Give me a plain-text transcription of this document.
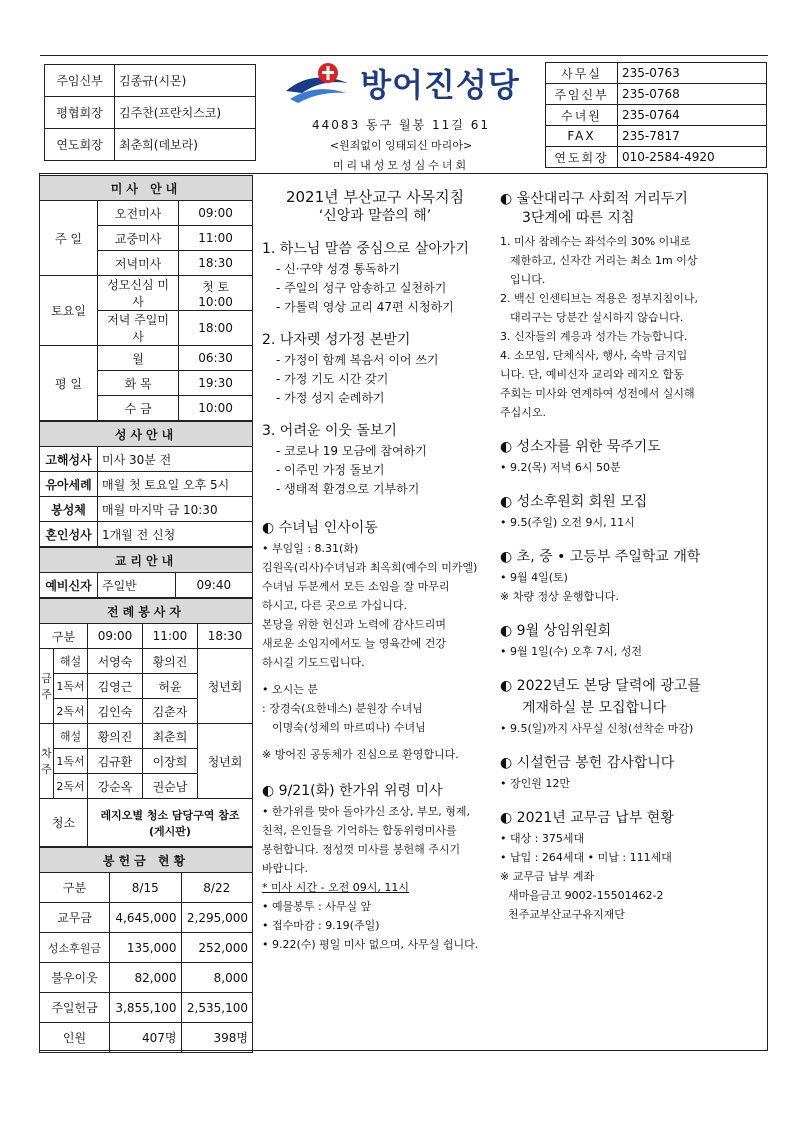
주임신부	김종규(시몬)
평협회장	김주찬(프란치스코)
연도회장	최춘희(데보라)
방어진성당
44083 동구 월봉 11길 61
<원죄없이 잉태되신 마리아>
미리내성모성심수녀회
사무실	235-0763
주임신부	235-0768
수녀원	235-0764
FAX	235-7817
연도회장	010-2584-4920
미사 안내		
주 일	오전미사	09:00
	교중미사	11:00
	저녁미사	18:30
토요일	성모신심 미사	첫 토 10:00
	저녁 주일미사	18:00
평 일	월	06:30
	화 목	19:30
	수 금	10:00
성사안내	
고해성사	미사 30분 전
유아세례	매월 첫 토요일 오후 5시
봉성체	매월 마지막 금 10:30
혼인성사	1개월 전 신청
교리안내
예비신자	주일반	09:40
전례봉사자				
구분		09:00	11:00	18:30
금주	해설	서영숙	황의진	청년회
	1독서	김영근	허윤	
	2독서	김인숙	김춘자	
차주	해설	황의진	최춘희	청년회
	1독서	김규환	이장희	
	2독서	강순옥	권순남	
청소		레지오별 청소 담당구역 참조 (게시판)		
봉헌금 현황		
구분	8/15	8/22
교무금	4,645,000	2,295,000
성소후원금	135,000	252,000
불우이웃	82,000	8,000
주일헌금	3,855,100	2,535,100
인원	407명	398명
2021년 부산교구 사목지침
‘신앙과 말씀의 해’
1. 하느님 말씀 중심으로 살아가기
- 신·구약 성경 통독하기
- 주일의 성구 암송하고 실천하기
- 가톨릭 영상 교리 47편 시청하기
2. 나자렛 성가정 본받기
- 가정이 함께 복음서 이어 쓰기
- 가정 기도 시간 갖기
- 가정 성지 순례하기
3. 어려운 이웃 돌보기
- 코로나 19 모금에 참여하기
- 이주민 가정 돌보기
- 생태적 환경으로 기부하기
◐ 수녀님 인사이동
• 부임일 : 8.31(화)
김원옥(리사)수녀님과 최옥희(예수의 미카엘)
수녀님 두분께서 모든 소임을 잘 마무리
하시고, 다른 곳으로 가십니다.
본당을 위한 헌신과 노력에 감사드리며
새로운 소임지에서도 늘 영육간에 건강
하시길 기도드립니다.
• 오시는 분
: 장경숙(요한네스) 분원장 수녀님
이명숙(성체의 마르띠나) 수녀님
※ 방어진 공동체가 진심으로 환영합니다.
◐ 9/21(화) 한가위 위령 미사
• 한가위를 맞아 돌아가신 조상, 부모, 형제,
친척, 은인들을 기억하는 합동위령미사를
봉헌합니다. 정성껏 미사를 봉헌해 주시기
바랍니다.
* 미사 시간 - 오전 09시, 11시
• 예물봉투 : 사무실 앞
• 접수마감 : 9.19(주일)
• 9.22(수) 평일 미사 없으며, 사무실 쉽니다.
◐ 울산대리구 사회적 거리두기
3단계에 따른 지침
1. 미사 참례수는 좌석수의 30% 이내로
제한하고, 신자간 거리는 최소 1m 이상
입니다.
2. 백신 인센티브는 적용은 정부지침이나,
대리구는 당분간 실시하지 않습니다.
3. 신자들의 계응과 성가는 가능합니다.
4. 소모임, 단체식사, 행사, 숙박 금지입
니다. 단, 예비신자 교리와 레지오 합동
주회는 미사와 연계하여 성전에서 실시해
주십시오.
◐ 성소자를 위한 묵주기도
• 9.2(목) 저녁 6시 50분
◐ 성소후원회 회원 모집
• 9.5(주일) 오전 9시, 11시
◐ 초, 중 • 고등부 주일학교 개학
• 9월 4일(토)
※ 차량 정상 운행합니다.
◐ 9월 상임위원회
• 9월 1일(수) 오후 7시, 성전
◐ 2022년도 본당 달력에 광고를
게재하실 분 모집합니다
• 9.5(일)까지 사무실 신청(선착순 마감)
◐ 시설헌금 봉헌 감사합니다
• 장인원 12만
◐ 2021년 교무금 납부 현황
• 대상 : 375세대
• 납입 : 264세대 • 미납 : 111세대
※ 교무금 납부 계좌
새마을금고 9002-15501462-2
천주교부산교구유지재단
